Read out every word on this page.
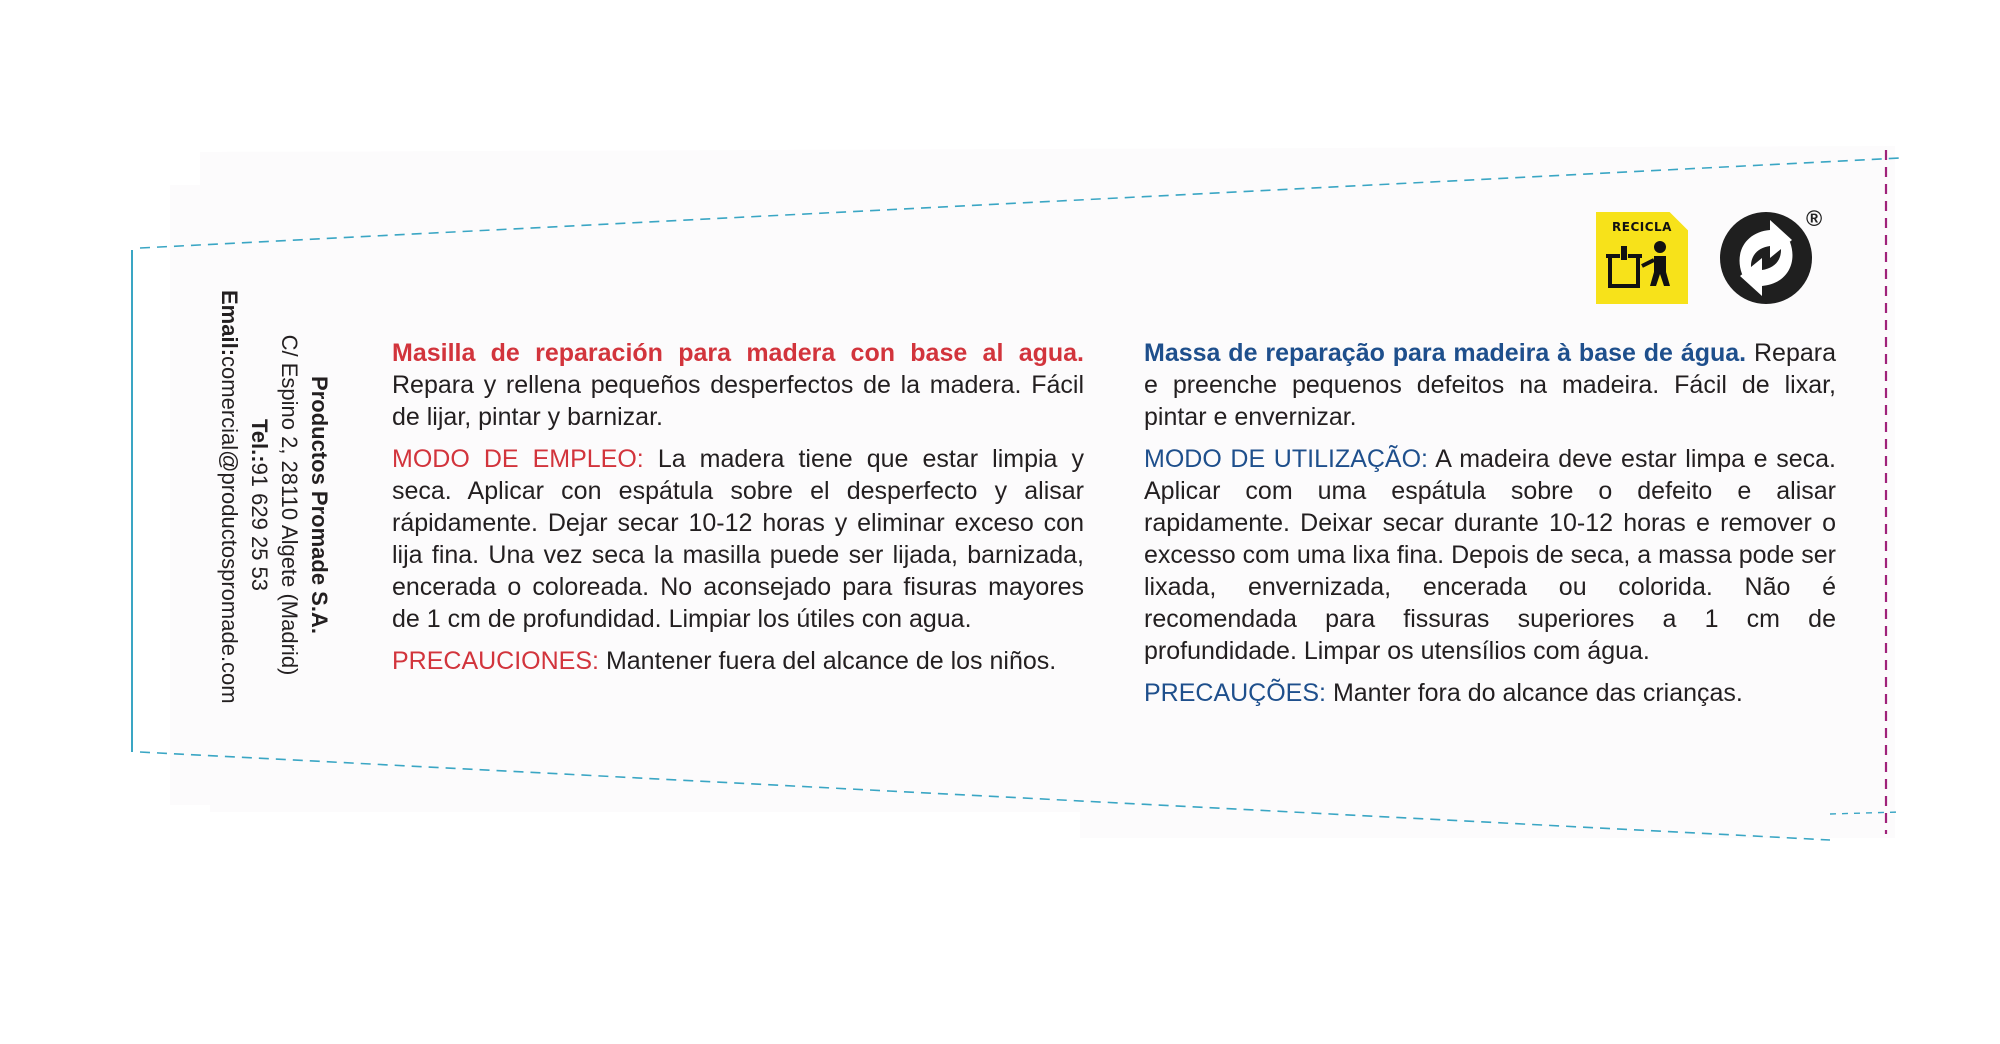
Masilla de reparación para madera con base al agua. Repara y rellena pequeños desperfectos de la madera. Fácil de lijar, pintar y barnizar.

MODO DE EMPLEO: La madera tiene que estar limpia y seca. Aplicar con espátula sobre el desperfecto y alisar rápidamente. Dejar secar 10-12 horas y eliminar exceso con lija fina. Una vez seca la masilla puede ser lijada, barnizada, encerada o coloreada. No aconsejado para fisuras mayores de 1 cm de profundidad. Limpiar los útiles con agua.

PRECAUCIONES: Mantener fuera del alcance de los niños.

Massa de reparação para madeira à base de água. Repara e preenche pequenos defeitos na madeira. Fácil de lixar, pintar e envernizar.

MODO DE UTILIZAÇÃO: A madeira deve estar limpa e seca. Aplicar com uma espátula sobre o defeito e alisar rapidamente. Deixar secar durante 10-12 horas e remover o excesso com uma lixa fina. Depois de seca, a massa pode ser lixada, envernizada, encerada ou colorida. Não é recomendada para fissuras superiores a 1 cm de profundidade. Limpar os utensílios com água.

PRECAUÇÕES: Manter fora do alcance das crianças.

Productos Promade S.A.
C/ Espino 2, 28110 Algete (Madrid)
Tel.:91 629 25 53
Email:comercial@productospromade.com
RECICLA	®
